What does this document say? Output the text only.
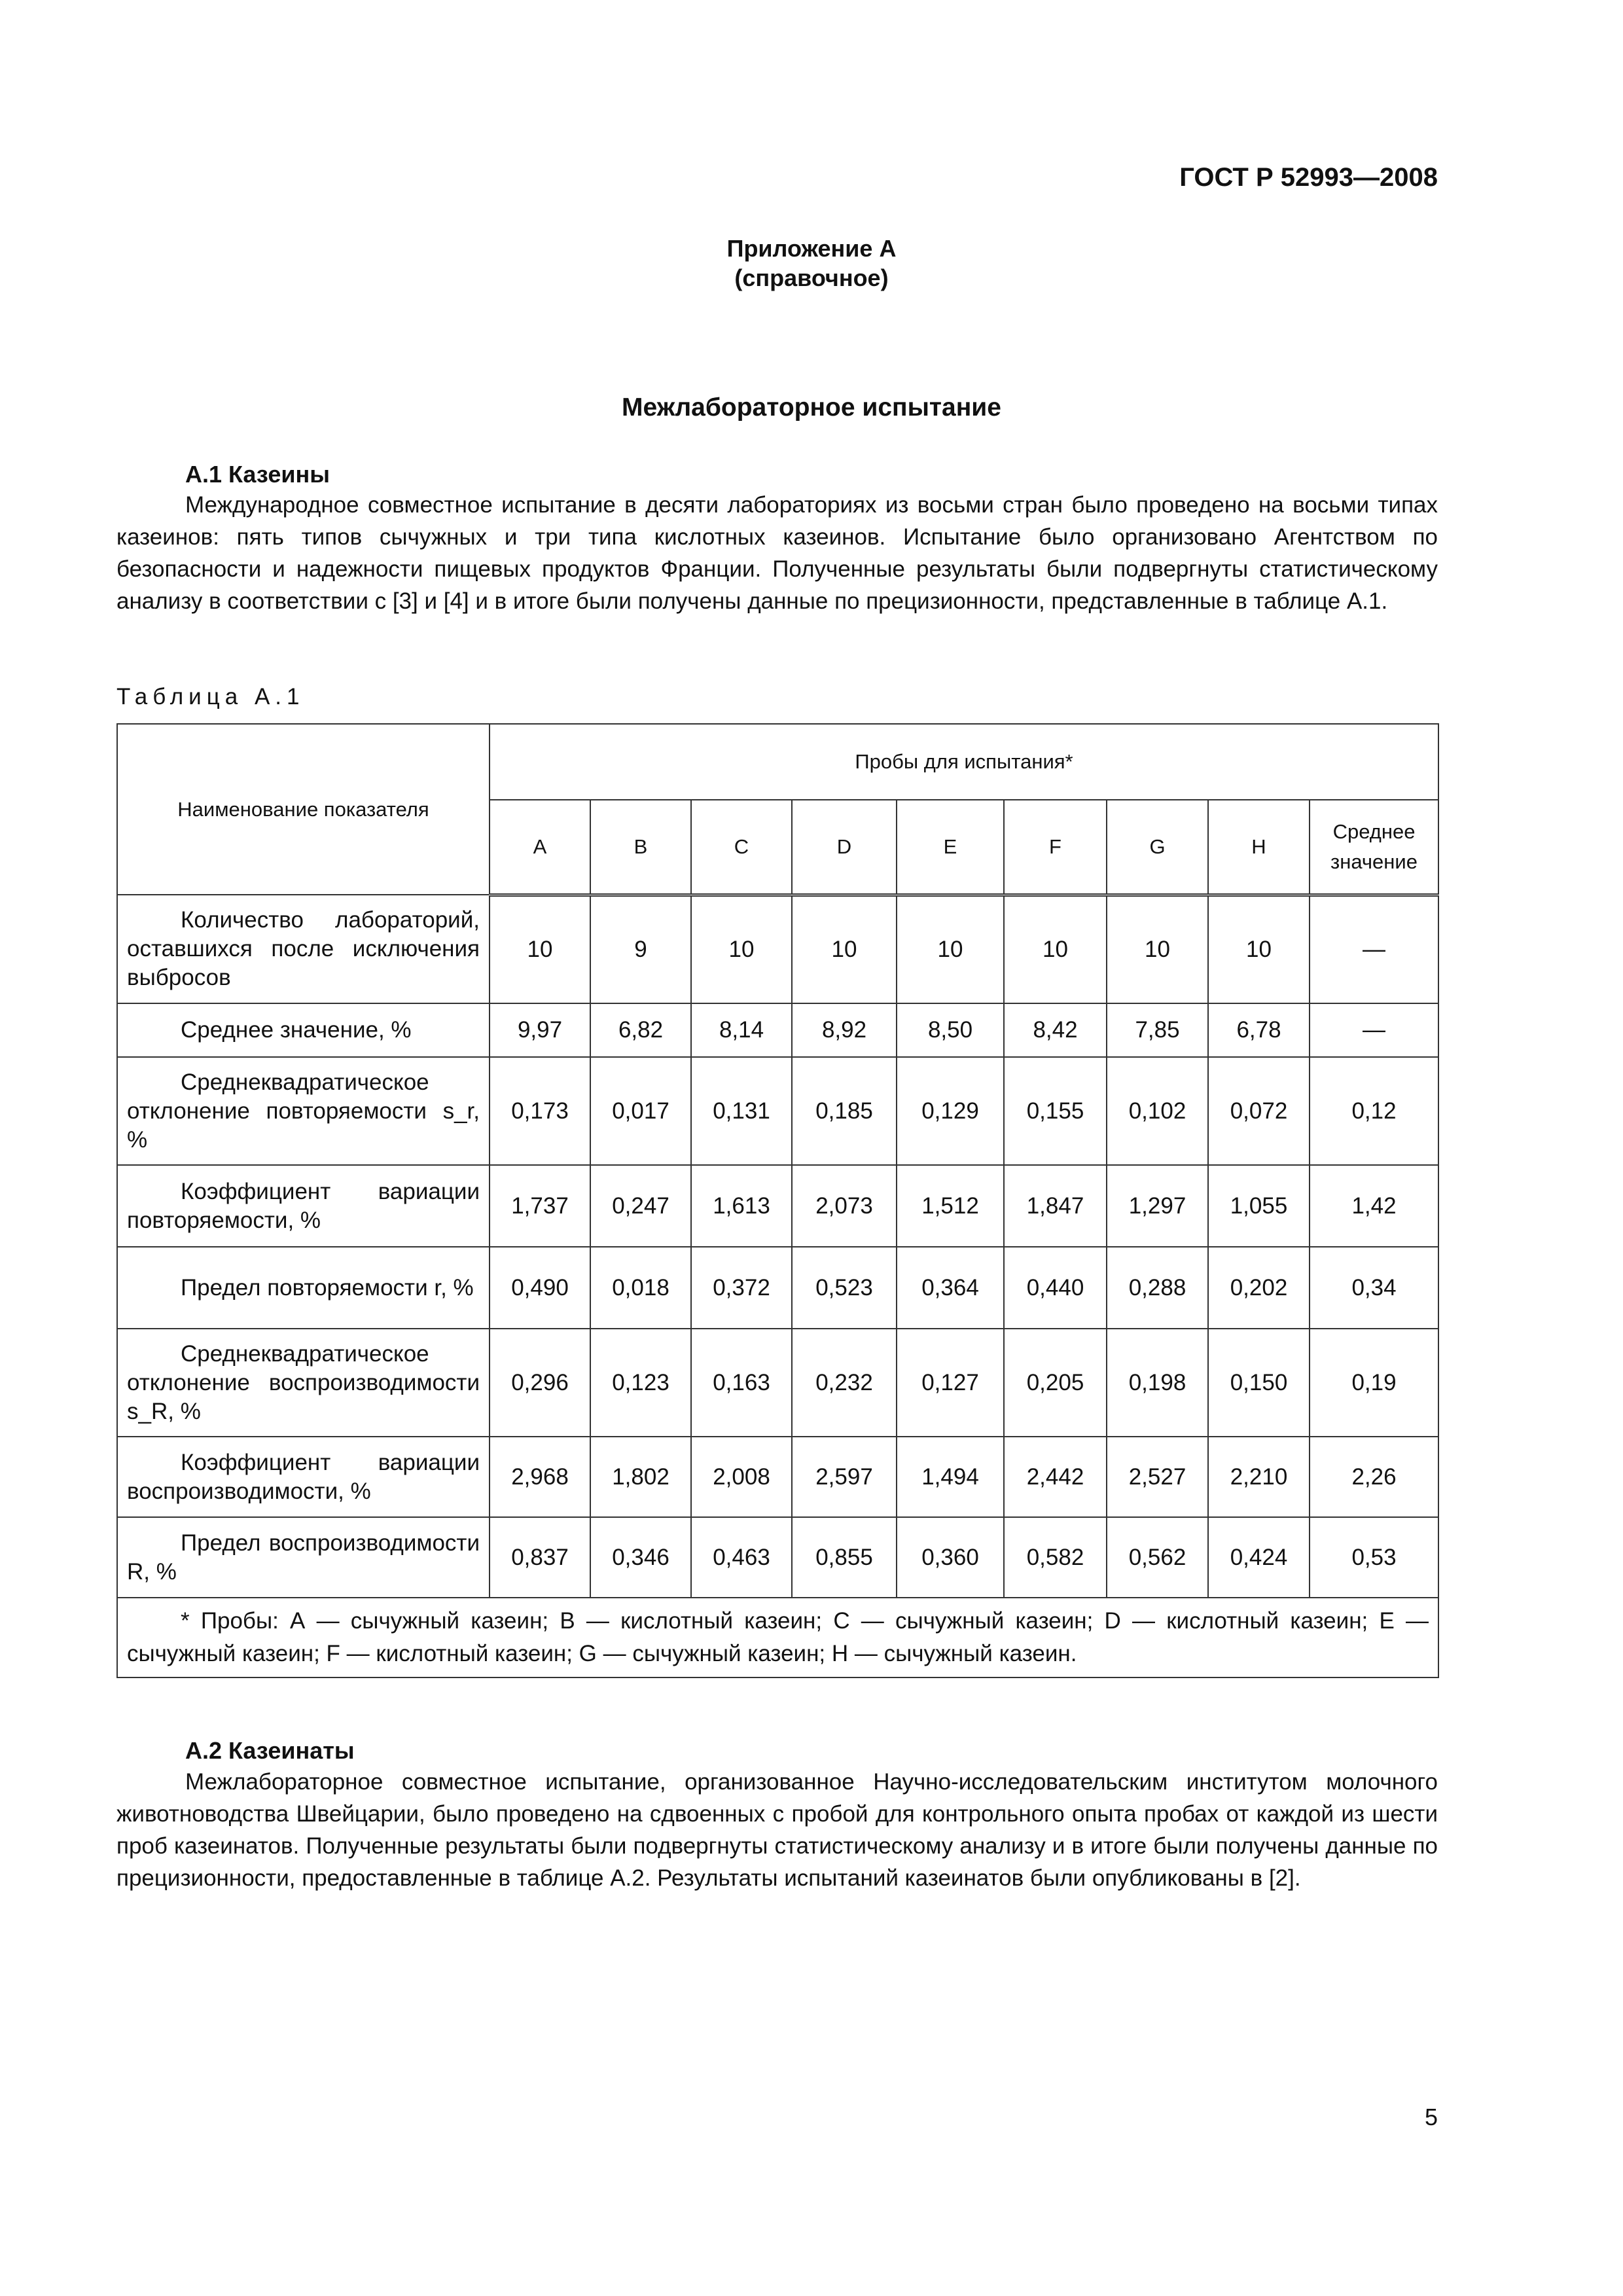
ГОСТ Р 52993—2008
Приложение А
(справочное)
Межлабораторное испытание
А.1 Казеины

Международное совместное испытание в десяти лабораториях из восьми стран было проведено на восьми типах казеинов: пять типов сычужных и три типа кислотных казеинов. Испытание было организовано Агентством по безопасности и надежности пищевых продуктов Франции. Полученные результаты были подвергнуты статистическому анализу в соответствии с [3] и [4] и в итоге были получены данные по прецизионности, представленные в таблице А.1.

Таблица А.1
Наименование показателя	Пробы для испытания*								
	A	B	C	D	E	F	G	H	Среднее значение
Количество лабораторий, оставшихся после исключения выбросов	10	9	10	10	10	10	10	10	—
Среднее значение, %	9,97	6,82	8,14	8,92	8,50	8,42	7,85	6,78	—
Среднеквадратическое отклонение повторяемости s_r, %	0,173	0,017	0,131	0,185	0,129	0,155	0,102	0,072	0,12
Коэффициент вариации повторяемости, %	1,737	0,247	1,613	2,073	1,512	1,847	1,297	1,055	1,42
Предел повторяемости r, %	0,490	0,018	0,372	0,523	0,364	0,440	0,288	0,202	0,34
Среднеквадратическое отклонение воспроизводимости s_R, %	0,296	0,123	0,163	0,232	0,127	0,205	0,198	0,150	0,19
Коэффициент вариации воспроизводимости, %	2,968	1,802	2,008	2,597	1,494	2,442	2,527	2,210	2,26
Предел воспроизводимости R, %	0,837	0,346	0,463	0,855	0,360	0,582	0,562	0,424	0,53
* Пробы: А — сычужный казеин; В — кислотный казеин; С — сычужный казеин; D — кислотный казеин; Е — сычужный казеин; F — кислотный казеин; G — сычужный казеин; Н — сычужный казеин.									
А.2 Казеинаты

Межлабораторное совместное испытание, организованное Научно-исследовательским институтом молочного животноводства Швейцарии, было проведено на сдвоенных с пробой для контрольного опыта пробах от каждой из шести проб казеинатов. Полученные результаты были подвергнуты статистическому анализу и в итоге были получены данные по прецизионности, предоставленные в таблице А.2. Результаты испытаний казеинатов были опубликованы в [2].

5
